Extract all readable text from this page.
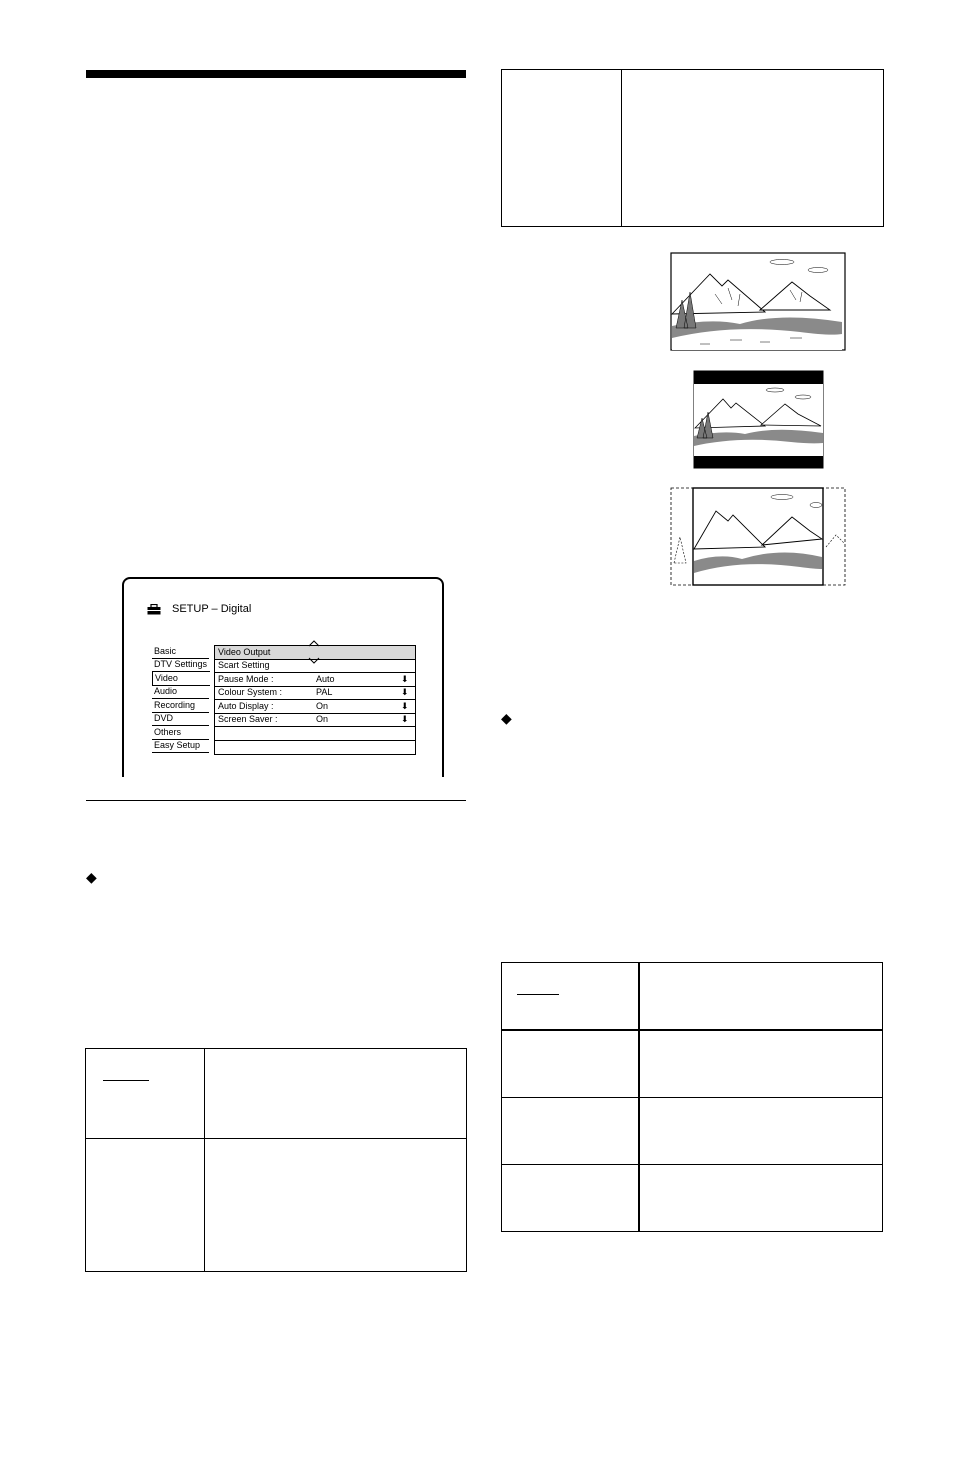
SETUP – Digital
Basic
DTV Settings
Video
Audio
Recording
DVD
Others
Easy Setup
Video Output
Scart Setting
Pause Mode :	Auto	⬇
Colour System :	PAL	⬇
Auto Display :	On	⬇
Screen Saver :	On	⬇
◆
◆
